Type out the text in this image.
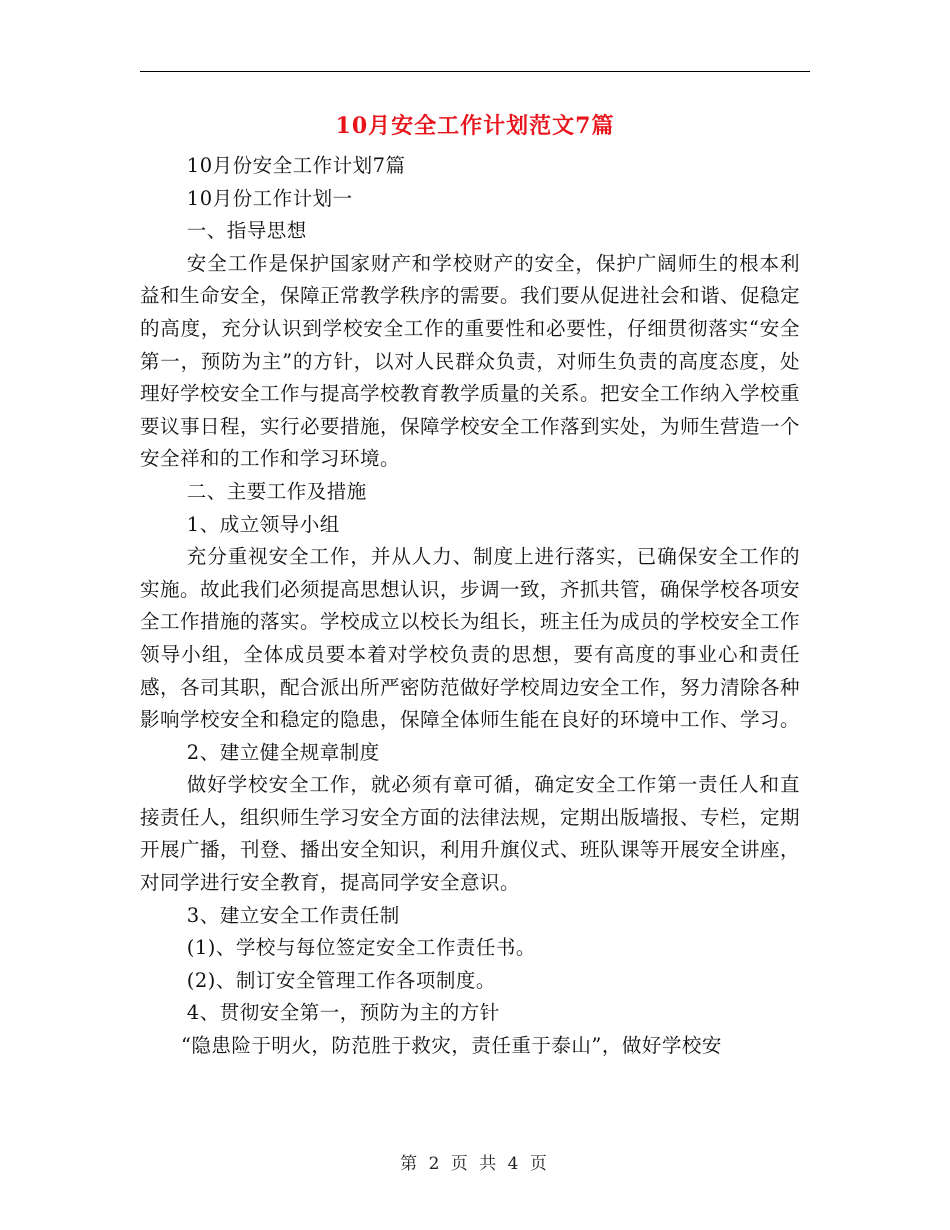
10月安全工作计划范文7篇

10月份安全工作计划7篇

10月份工作计划一

一、指导思想

安全工作是保护国家财产和学校财产的安全，保护广阔师生的根本利益和生命安全，保障正常教学秩序的需要。我们要从促进社会和谐、促稳定的高度，充分认识到学校安全工作的重要性和必要性，仔细贯彻落实“安全第一，预防为主”的方针，以对人民群众负责，对师生负责的高度态度，处理好学校安全工作与提高学校教育教学质量的关系。把安全工作纳入学校重要议事日程，实行必要措施，保障学校安全工作落到实处，为师生营造一个安全祥和的工作和学习环境。

二、主要工作及措施

1、成立领导小组

充分重视安全工作，并从人力、制度上进行落实，已确保安全工作的实施。故此我们必须提高思想认识，步调一致，齐抓共管，确保学校各项安全工作措施的落实。学校成立以校长为组长，班主任为成员的学校安全工作领导小组，全体成员要本着对学校负责的思想，要有高度的事业心和责任感，各司其职，配合派出所严密防范做好学校周边安全工作，努力清除各种影响学校安全和稳定的隐患，保障全体师生能在良好的环境中工作、学习。

2、建立健全规章制度

做好学校安全工作，就必须有章可循，确定安全工作第一责任人和直接责任人，组织师生学习安全方面的法律法规，定期出版墙报、专栏，定期开展广播，刊登、播出安全知识，利用升旗仪式、班队课等开展安全讲座，对同学进行安全教育，提高同学安全意识。

3、建立安全工作责任制

(1)、学校与每位签定安全工作责任书。

(2)、制订安全管理工作各项制度。

4、贯彻安全第一，预防为主的方针

“隐患险于明火，防范胜于救灾，责任重于泰山”，做好学校安

第 2 页 共 4 页
